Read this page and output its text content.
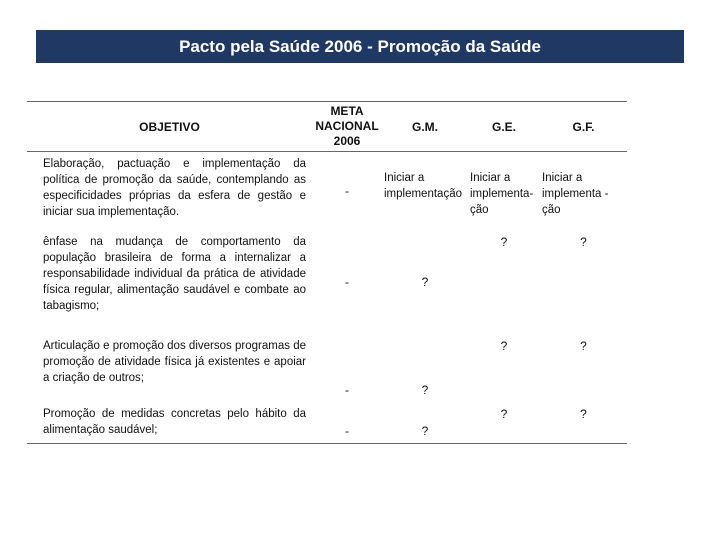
Pacto pela Saúde 2006 - Promoção da Saúde
OBJETIVO	META
NACIONAL
2006	G.M.	G.E.	G.F.
Elaboração, pactuação e implementação da política de promoção da saúde, contemplando as especificidades próprias da esfera de gestão e iniciar sua implementação.	-	Iniciar a implementação	Iniciar a implementa-ção	Iniciar a implementa - ção
ênfase na mudança de comportamento da população brasileira de forma a internalizar a responsabilidade individual da prática de atividade física regular, alimentação saudável e combate ao tabagismo;	-	?	?	?
Articulação e promoção dos diversos programas de promoção de atividade física já existentes e apoiar a criação de outros;	-	?	?	?
Promoção de medidas concretas pelo hábito da alimentação saudável;	-	?	?	?
